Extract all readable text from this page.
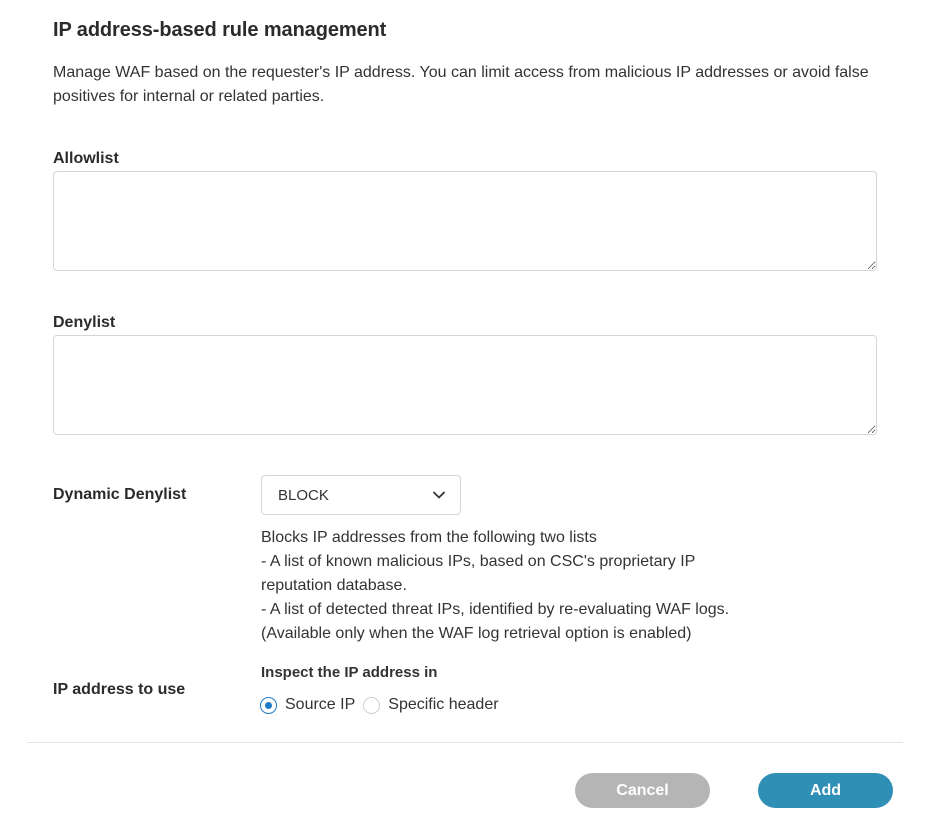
IP address-based rule management
Manage WAF based on the requester's IP address. You can limit access from malicious IP addresses or avoid false positives for internal or related parties.
Allowlist
Denylist
Dynamic Denylist	BLOCK
Blocks IP addresses from the following two lists
- A list of known malicious IPs, based on CSC's proprietary IP
reputation database.
- A list of detected threat IPs, identified by re-evaluating WAF logs.
(Available only when the WAF log retrieval option is enabled)
IP address to use
Inspect the IP address in
Source IP Specific header
Cancel	Add
